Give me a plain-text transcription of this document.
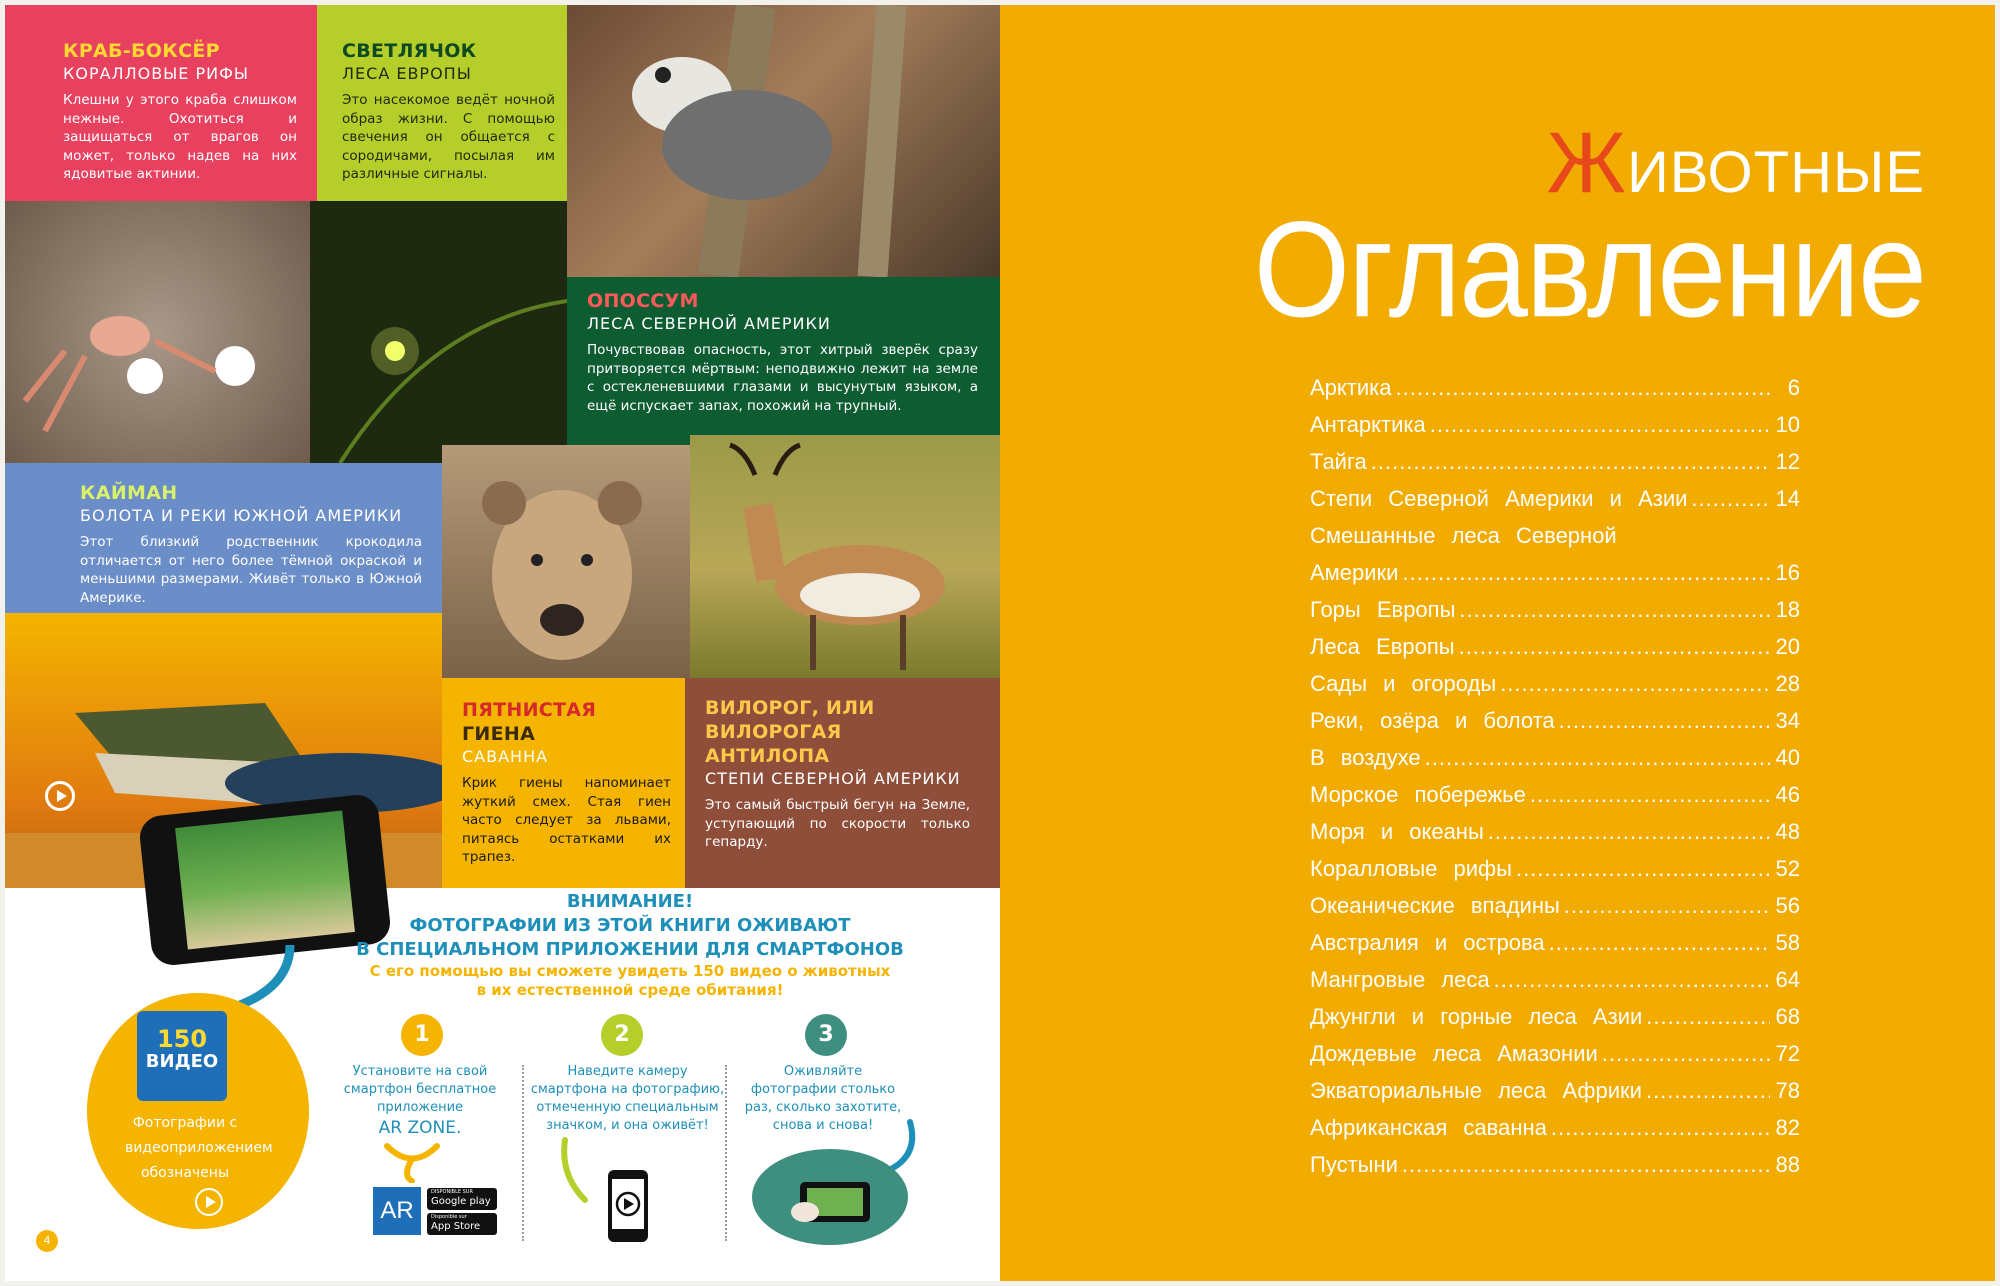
КРАБ-БОКСЁР
КОРАЛЛОВЫЕ РИФЫ
Клешни у этого краба слишком нежные. Охотиться и защищаться от врагов он может, только надев на них ядовитые актинии.
СВЕТЛЯЧОК
ЛЕСА ЕВРОПЫ
Это насекомое ведёт ночной образ жизни. С помощью свечения он общается с сородичами, посылая им различные сигналы.
ОПОССУМ
ЛЕСА СЕВЕРНОЙ АМЕРИКИ
Почувствовав опасность, этот хитрый зверёк сразу притворяется мёртвым: неподвижно лежит на земле с остекленевшими глазами и высунутым языком, а ещё испускает запах, похожий на трупный.
КАЙМАН
БОЛОТА И РЕКИ ЮЖНОЙ АМЕРИКИ
Этот близкий родственник крокодила отличается от него более тёмной окраской и меньшими размерами. Живёт только в Южной Америке.
ПЯТНИСТАЯ ГИЕНА
САВАННА
Крик гиены напоминает жуткий смех. Стая гиен часто следует за львами, питаясь остатками их трапез.
ВИЛОРОГ, ИЛИ ВИЛОРОГАЯ АНТИЛОПА
СТЕПИ СЕВЕРНОЙ АМЕРИКИ
Это самый быстрый бегун на Земле, уступающий по скорости только гепарду.
150
ВИДЕО
Фотографии с видеоприложением обозначены
ВНИМАНИЕ!
ФОТОГРАФИИ ИЗ ЭТОЙ КНИГИ ОЖИВАЮТ
В СПЕЦИАЛЬНОМ ПРИЛОЖЕНИИ ДЛЯ СМАРТФОНОВ
С его помощью вы сможете увидеть 150 видео о животных
в их естественной среде обитания!
1	2	3
Установите на свой смартфон бесплатное приложение
AR ZONE.
Наведите камеру смартфона на фотографию, отмеченную специальным значком, и она оживёт!
Оживляйте фотографии столько раз, сколько захотите, снова и снова!
AR
DISPONIBLE SUR
Google play
Disponible sur
App Store
4
ЖИВОТНЫЕ
Оглавление
Арктика .....	6
Антарктика .....	10
Тайга .....	12
Степи Северной Америки и Азии .....	14
Смешанные леса Северной
Америки .....	16
Горы Европы .....	18
Леса Европы .....	20
Сады и огороды .....	28
Реки, озёра и болота .....	34
В воздухе .....	40
Морское побережье .....	46
Моря и океаны .....	48
Коралловые рифы .....	52
Океанические впадины .....	56
Австралия и острова .....	58
Мангровые леса .....	64
Джунгли и горные леса Азии .....	68
Дождевые леса Амазонии .....	72
Экваториальные леса Африки .....	78
Африканская саванна .....	82
Пустыни .....	88
